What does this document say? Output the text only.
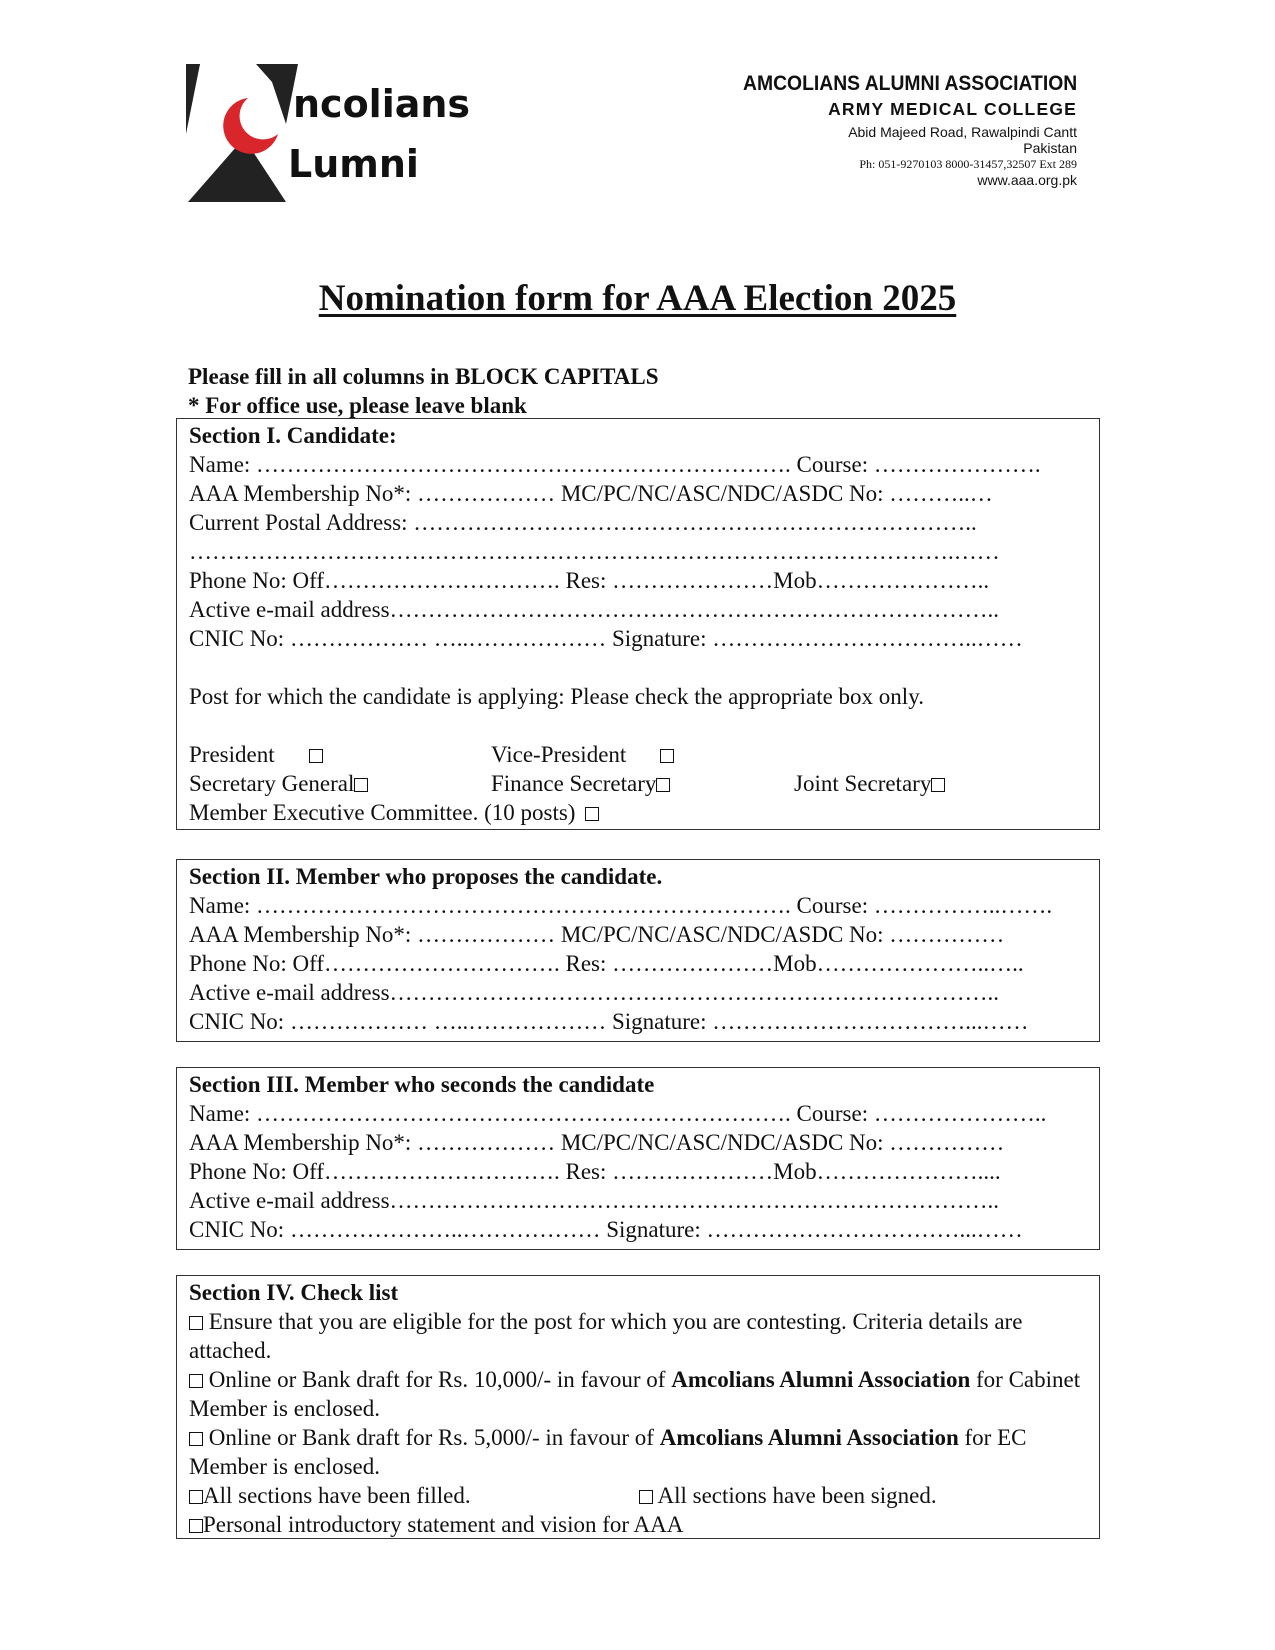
ncolians
Lumni
AMCOLIANS ALUMNI ASSOCIATION
ARMY MEDICAL COLLEGE
Abid Majeed Road, Rawalpindi Cantt
Pakistan
Ph: 051-9270103 8000-31457,32507 Ext 289
www.aaa.org.pk
Nomination form for AAA Election 2025
Please fill in all columns in BLOCK CAPITALS
* For office use, please leave blank
Section I. Candidate:
Name: ……………………………………………………………. Course: ………………….
AAA Membership No*: ……………… MC/PC/NC/ASC/NDC/ASDC No: ………..…
Current Postal Address: ………………………………………………………………..
……………………………………………………………………………………….……
Phone No: Off…………………………. Res: …………………Mob…………………..
Active e-mail address……………………………………………………………………..
CNIC No: ……………… …..……………… Signature: ……………………………..……
Post for which the candidate is applying: Please check the appropriate box only.
President	Vice-President
Secretary General	Finance Secretary	Joint Secretary
Member Executive Committee. (10 posts)
Section II. Member who proposes the candidate.
Name: ……………………………………………………………. Course: ……………..…….
AAA Membership No*: ……………… MC/PC/NC/ASC/NDC/ASDC No: ……………
Phone No: Off…………………………. Res: …………………Mob…………………..…..
Active e-mail address……………………………………………………………………..
CNIC No: ……………… …..……………… Signature: ……………………………...……
Section III. Member who seconds the candidate
Name: ……………………………………………………………. Course: …………………..
AAA Membership No*: ……………… MC/PC/NC/ASC/NDC/ASDC No: ……………
Phone No: Off…………………………. Res: …………………Mob…………………....
Active e-mail address……………………………………………………………………..
CNIC No: …………………..……………… Signature: ……………………………...……
Section IV. Check list
Ensure that you are eligible for the post for which you are contesting. Criteria details are attached.
Online or Bank draft for Rs. 10,000/- in favour of Amcolians Alumni Association for Cabinet Member is enclosed.
Online or Bank draft for Rs. 5,000/- in favour of Amcolians Alumni Association for EC Member is enclosed.
All sections have been filled.	All sections have been signed.
Personal introductory statement and vision for AAA
